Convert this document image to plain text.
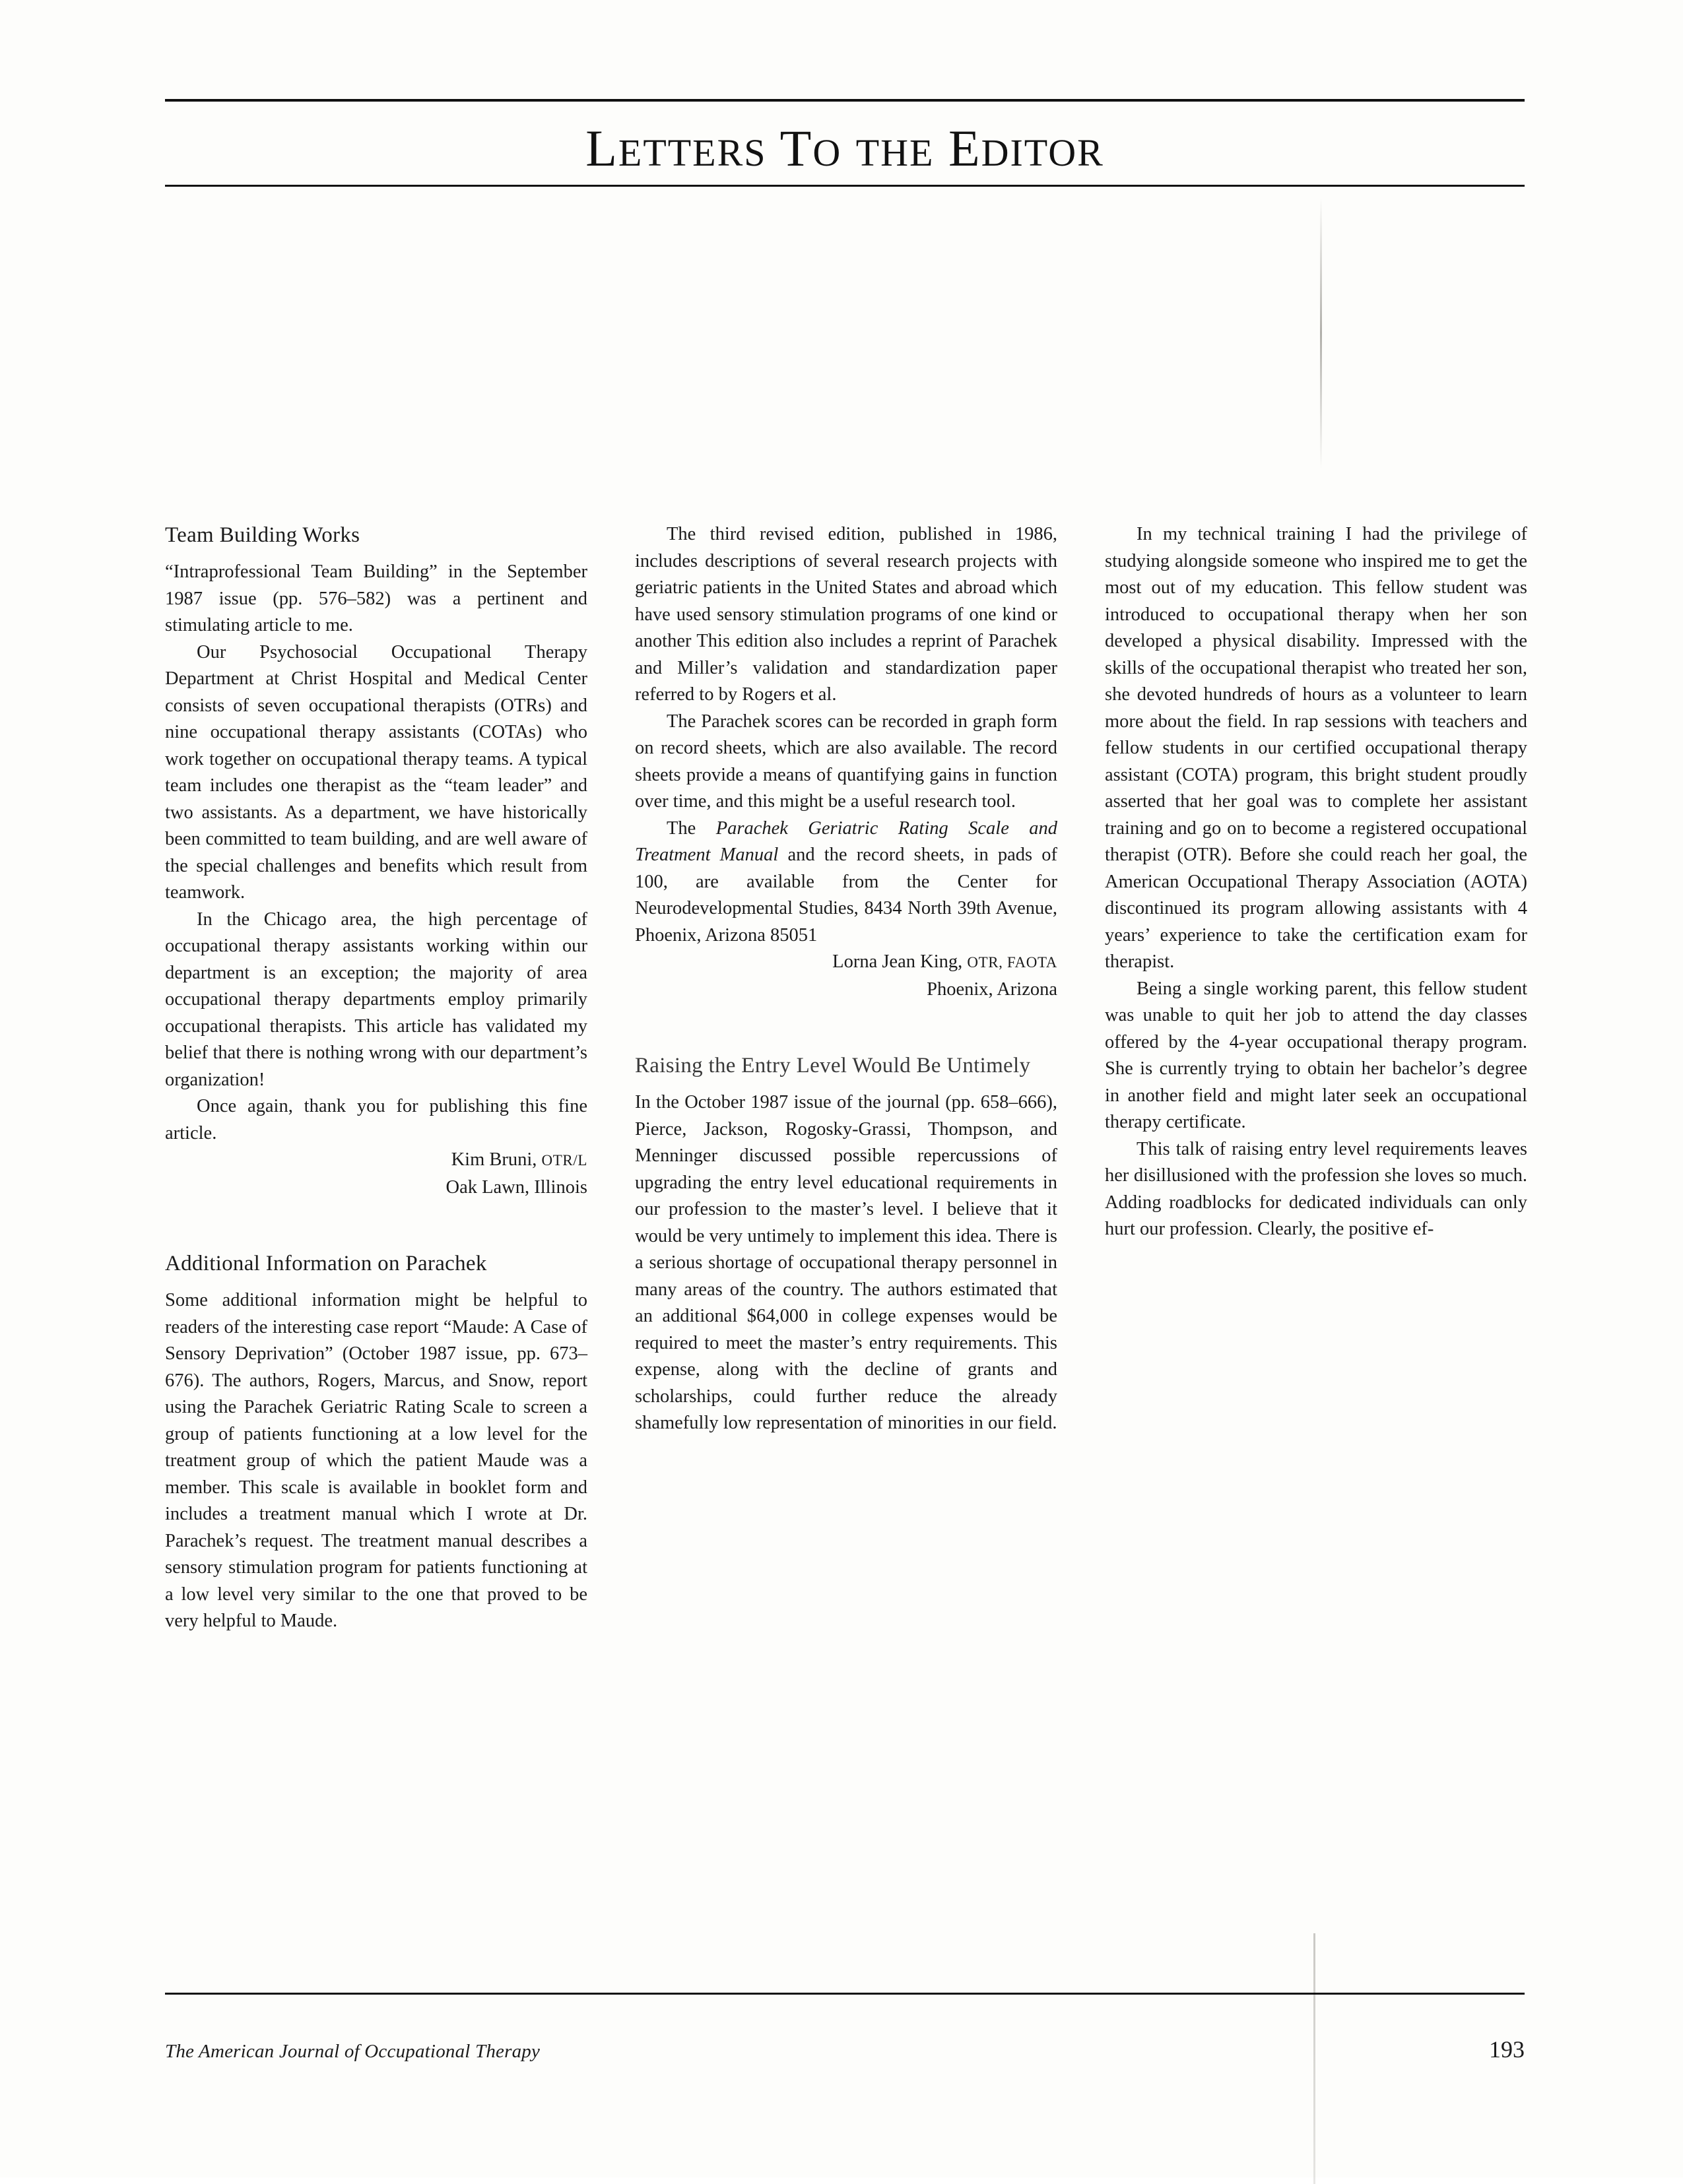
LETTERS TO THE EDITOR
Team Building Works

“Intraprofessional Team Building” in the September 1987 issue (pp. 576–582) was a pertinent and stimulating article to me.

Our Psychosocial Occupational Therapy Department at Christ Hospital and Medical Center consists of seven occupational therapists (OTRs) and nine occupational therapy assistants (COTAs) who work together on occupational therapy teams. A typical team includes one therapist as the “team leader” and two assistants. As a department, we have historically been committed to team building, and are well aware of the special challenges and benefits which result from teamwork.

In the Chicago area, the high percentage of occupational therapy assistants working within our department is an exception; the majority of area occupational therapy departments employ primarily occupational therapists. This article has validated my belief that there is nothing wrong with our department’s organization!

Once again, thank you for publishing this fine article.

Kim Bruni, OTR/L
Oak Lawn, Illinois
Additional Information on Parachek

Some additional information might be helpful to readers of the interesting case report “Maude: A Case of Sensory Deprivation” (October 1987 issue, pp. 673–676). The authors, Rogers, Marcus, and Snow, report using the Parachek Geriatric Rating Scale to screen a group of patients functioning at a low level for the treatment group of which the patient Maude was a member. This scale is available in booklet form and includes a treatment manual which I wrote at Dr. Parachek’s request. The treatment manual describes a sensory stimulation program for patients functioning at a low level very similar to the one that proved to be very helpful to Maude.

The third revised edition, published in 1986, includes descriptions of several research projects with geriatric patients in the United States and abroad which have used sensory stimulation programs of one kind or another This edition also includes a reprint of Parachek and Miller’s validation and standardization paper referred to by Rogers et al.

The Parachek scores can be recorded in graph form on record sheets, which are also available. The record sheets provide a means of quantifying gains in function over time, and this might be a useful research tool.

The Parachek Geriatric Rating Scale and Treatment Manual and the record sheets, in pads of 100, are available from the Center for Neurodevelopmental Studies, 8434 North 39th Avenue, Phoenix, Arizona 85051

Lorna Jean King, OTR, FAOTA
Phoenix, Arizona
Raising the Entry Level Would Be Untimely

In the October 1987 issue of the journal (pp. 658–666), Pierce, Jackson, Rogosky-Grassi, Thompson, and Menninger discussed possible repercussions of upgrading the entry level educational requirements in our profession to the master’s level. I believe that it would be very untimely to implement this idea. There is a serious shortage of occupational therapy personnel in many areas of the country. The authors estimated that an additional $64,000 in college expenses would be required to meet the master’s entry requirements. This expense, along with the decline of grants and scholarships, could further reduce the already shamefully low representation of minorities in our field.

In my technical training I had the privilege of studying alongside someone who inspired me to get the most out of my education. This fellow student was introduced to occupational therapy when her son developed a physical disability. Impressed with the skills of the occupational therapist who treated her son, she devoted hundreds of hours as a volunteer to learn more about the field. In rap sessions with teachers and fellow students in our certified occupational therapy assistant (COTA) program, this bright student proudly asserted that her goal was to complete her assistant training and go on to become a registered occupational therapist (OTR). Before she could reach her goal, the American Occupational Therapy Association (AOTA) discontinued its program allowing assistants with 4 years’ experience to take the certification exam for therapist.

Being a single working parent, this fellow student was unable to quit her job to attend the day classes offered by the 4-year occupational therapy program. She is currently trying to obtain her bachelor’s degree in another field and might later seek an occupational therapy certificate.

This talk of raising entry level requirements leaves her disillusioned with the profession she loves so much. Adding roadblocks for dedicated individuals can only hurt our profession. Clearly, the positive ef-

The American Journal of Occupational Therapy	193
